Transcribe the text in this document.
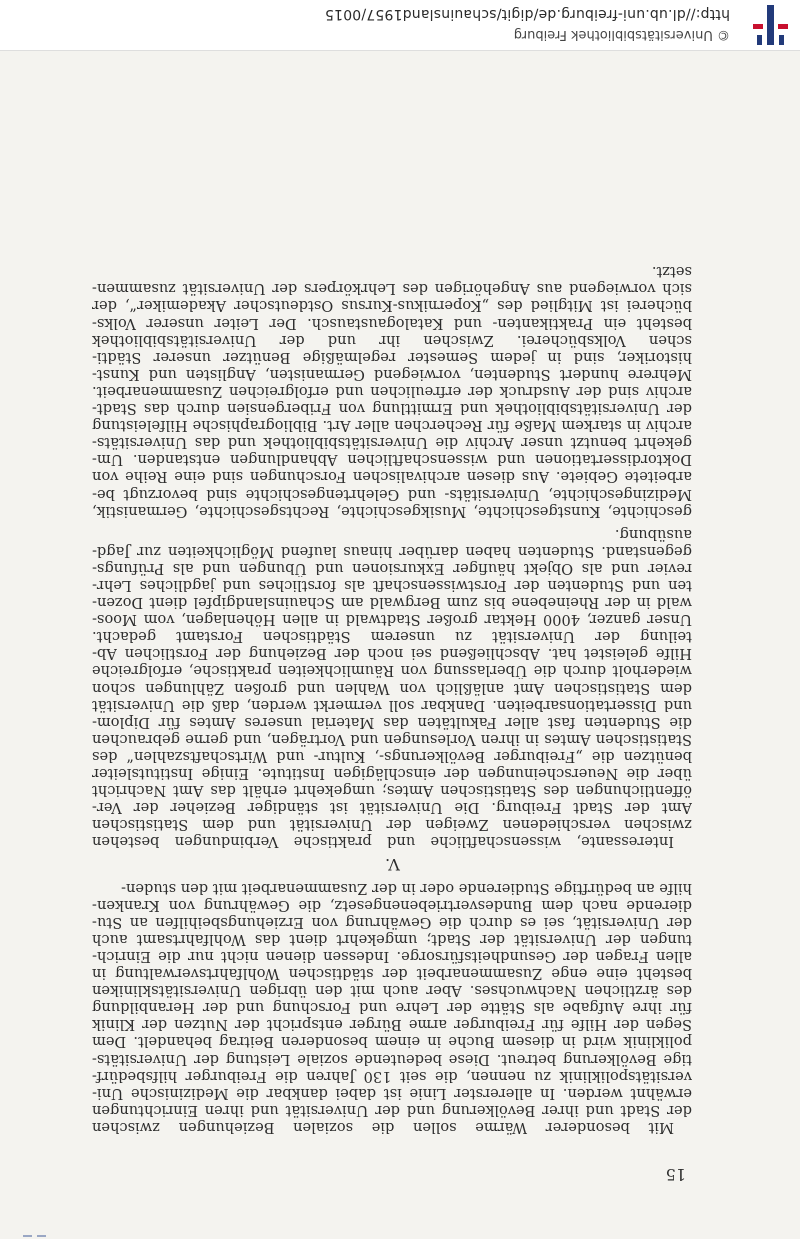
15
Mit besonderer Wärme sollen die sozialen Beziehungen zwischen
der Stadt und ihrer Bevölkerung und der Universität und ihren Einrichtungen
erwähnt werden. In allererster Linie ist dabei dankbar die Medizinische Uni-
versitätspoliklinik zu nennen, die seit 130 Jahren die Freiburger hilfsbedürf-
tige Bevölkerung betreut. Diese bedeutende soziale Leistung der Universitäts-
poliklinik wird in diesem Buche in einem besonderen Beitrag behandelt. Dem
Segen der Hilfe für Freiburger arme Bürger entspricht der Nutzen der Klinik
für ihre Aufgabe als Stätte der Lehre und Forschung und der Heranbildung
des ärztlichen Nachwuchses. Aber auch mit den übrigen Universitätskliniken
besteht eine enge Zusammenarbeit der städtischen Wohlfahrtsverwaltung in
allen Fragen der Gesundheitsfürsorge. Indessen dienen nicht nur die Einrich-
tungen der Universität der Stadt; umgekehrt dient das Wohlfahrtsamt auch
der Universität, sei es durch die Gewährung von Erziehungsbeihilfen an Stu-
dierende nach dem Bundesvertriebenengesetz, die Gewährung von Kranken-
hilfe an bedürftige Studierende oder in der Zusammenarbeit mit den studen-
V.
Interessante, wissenschaftliche und praktische Verbindungen bestehen
zwischen verschiedenen Zweigen der Universität und dem Statistischen
Amt der Stadt Freiburg. Die Universität ist ständiger Bezieher der Ver-
öffentlichungen des Statistischen Amtes; umgekehrt erhält das Amt Nachricht
über die Neuerscheinungen der einschlägigen Institute. Einige Institutsleiter
benützen die „Freiburger Bevölkerungs-, Kultur- und Wirtschaftszahlen“ des
Statistischen Amtes in ihren Vorlesungen und Vorträgen, und gerne gebrauchen
die Studenten fast aller Fakultäten das Material unseres Amtes für Diplom-
und Dissertationsarbeiten. Dankbar soll vermerkt werden, daß die Universität
dem Statistischen Amt anläßlich von Wahlen und großen Zählungen schon
wiederholt durch die Überlassung von Räumlichkeiten praktische, erfolgreiche
Hilfe geleistet hat. Abschließend sei noch der Beziehung der Forstlichen Ab-
teilung der Universität zu unserem Städtischen Forstamt gedacht.
Unser ganzer, 4000 Hektar großer Stadtwald in allen Höhenlagen, vom Moos-
wald in der Rheinebene bis zum Bergwald am Schauinslandgipfel dient Dozen-
ten und Studenten der Forstwissenschaft als forstliches und jagdliches Lehr-
revier und als Objekt häufiger Exkursionen und Übungen und als Prüfungs-
gegenstand. Studenten haben darüber hinaus laufend Möglichkeiten zur Jagd-
ausübung.
geschichte, Kunstgeschichte, Musikgeschichte, Rechtsgeschichte, Germanistik,
Medizingeschichte, Universitäts- und Gelehrtengeschichte sind bevorzugt be-
arbeitete Gebiete. Aus diesen archivalischen Forschungen sind eine Reihe von
Doktordissertationen und wissenschaftlichen Abhandlungen entstanden. Um-
gekehrt benutzt unser Archiv die Universitätsbibliothek und das Universitäts-
archiv in starkem Maße für Recherchen aller Art. Bibliographische Hilfeleistung
der Universitätsbibliothek und Ermittlung von Fribergensien durch das Stadt-
archiv sind der Ausdruck der erfreulichen und erfolgreichen Zusammenarbeit.
Mehrere hundert Studenten, vorwiegend Germanisten, Anglisten und Kunst-
historiker, sind in jedem Semester regelmäßige Benützer unserer Städti-
schen Volksbücherei. Zwischen ihr und der Universitätsbibliothek
besteht ein Praktikanten- und Katalogaustausch. Der Leiter unserer Volks-
bücherei ist Mitglied des „Kopernikus-Kursus Ostdeutscher Akademiker“, der
sich vorwiegend aus Angehörigen des Lehrkörpers der Universität zusammen-
setzt.
© Universitätsbibliothek Freiburg
http://dl.ub.uni-freiburg.de/digit/schauinsland1957/0015
